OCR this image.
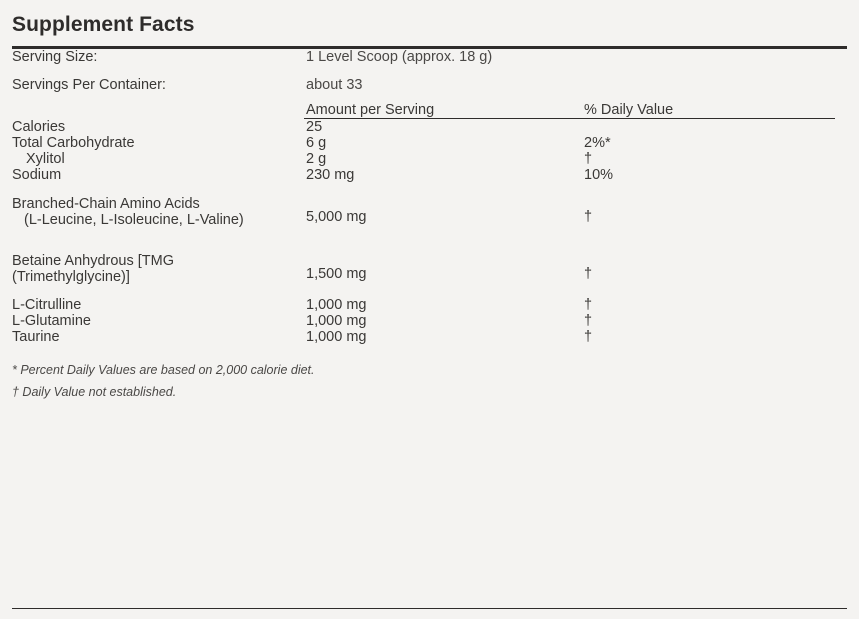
Supplement Facts
Serving Size:	1 Level Scoop (approx. 18 g)	
Servings Per Container:	about 33	
	Amount per Serving	% Daily Value

Calories	25	
Total Carbohydrate	6 g	2%*
Xylitol	2 g	†
Sodium	230 mg	10%
Branched-Chain Amino Acids
(L-Leucine, L-Isoleucine, L-Valine)	5,000 mg	†
Betaine Anhydrous [TMG
(Trimethylglycine)]	1,500 mg	†
L-Citrulline	1,000 mg	†
L-Glutamine	1,000 mg	†
Taurine	1,000 mg	†
* Percent Daily Values are based on 2,000 calorie diet.
† Daily Value not established.
